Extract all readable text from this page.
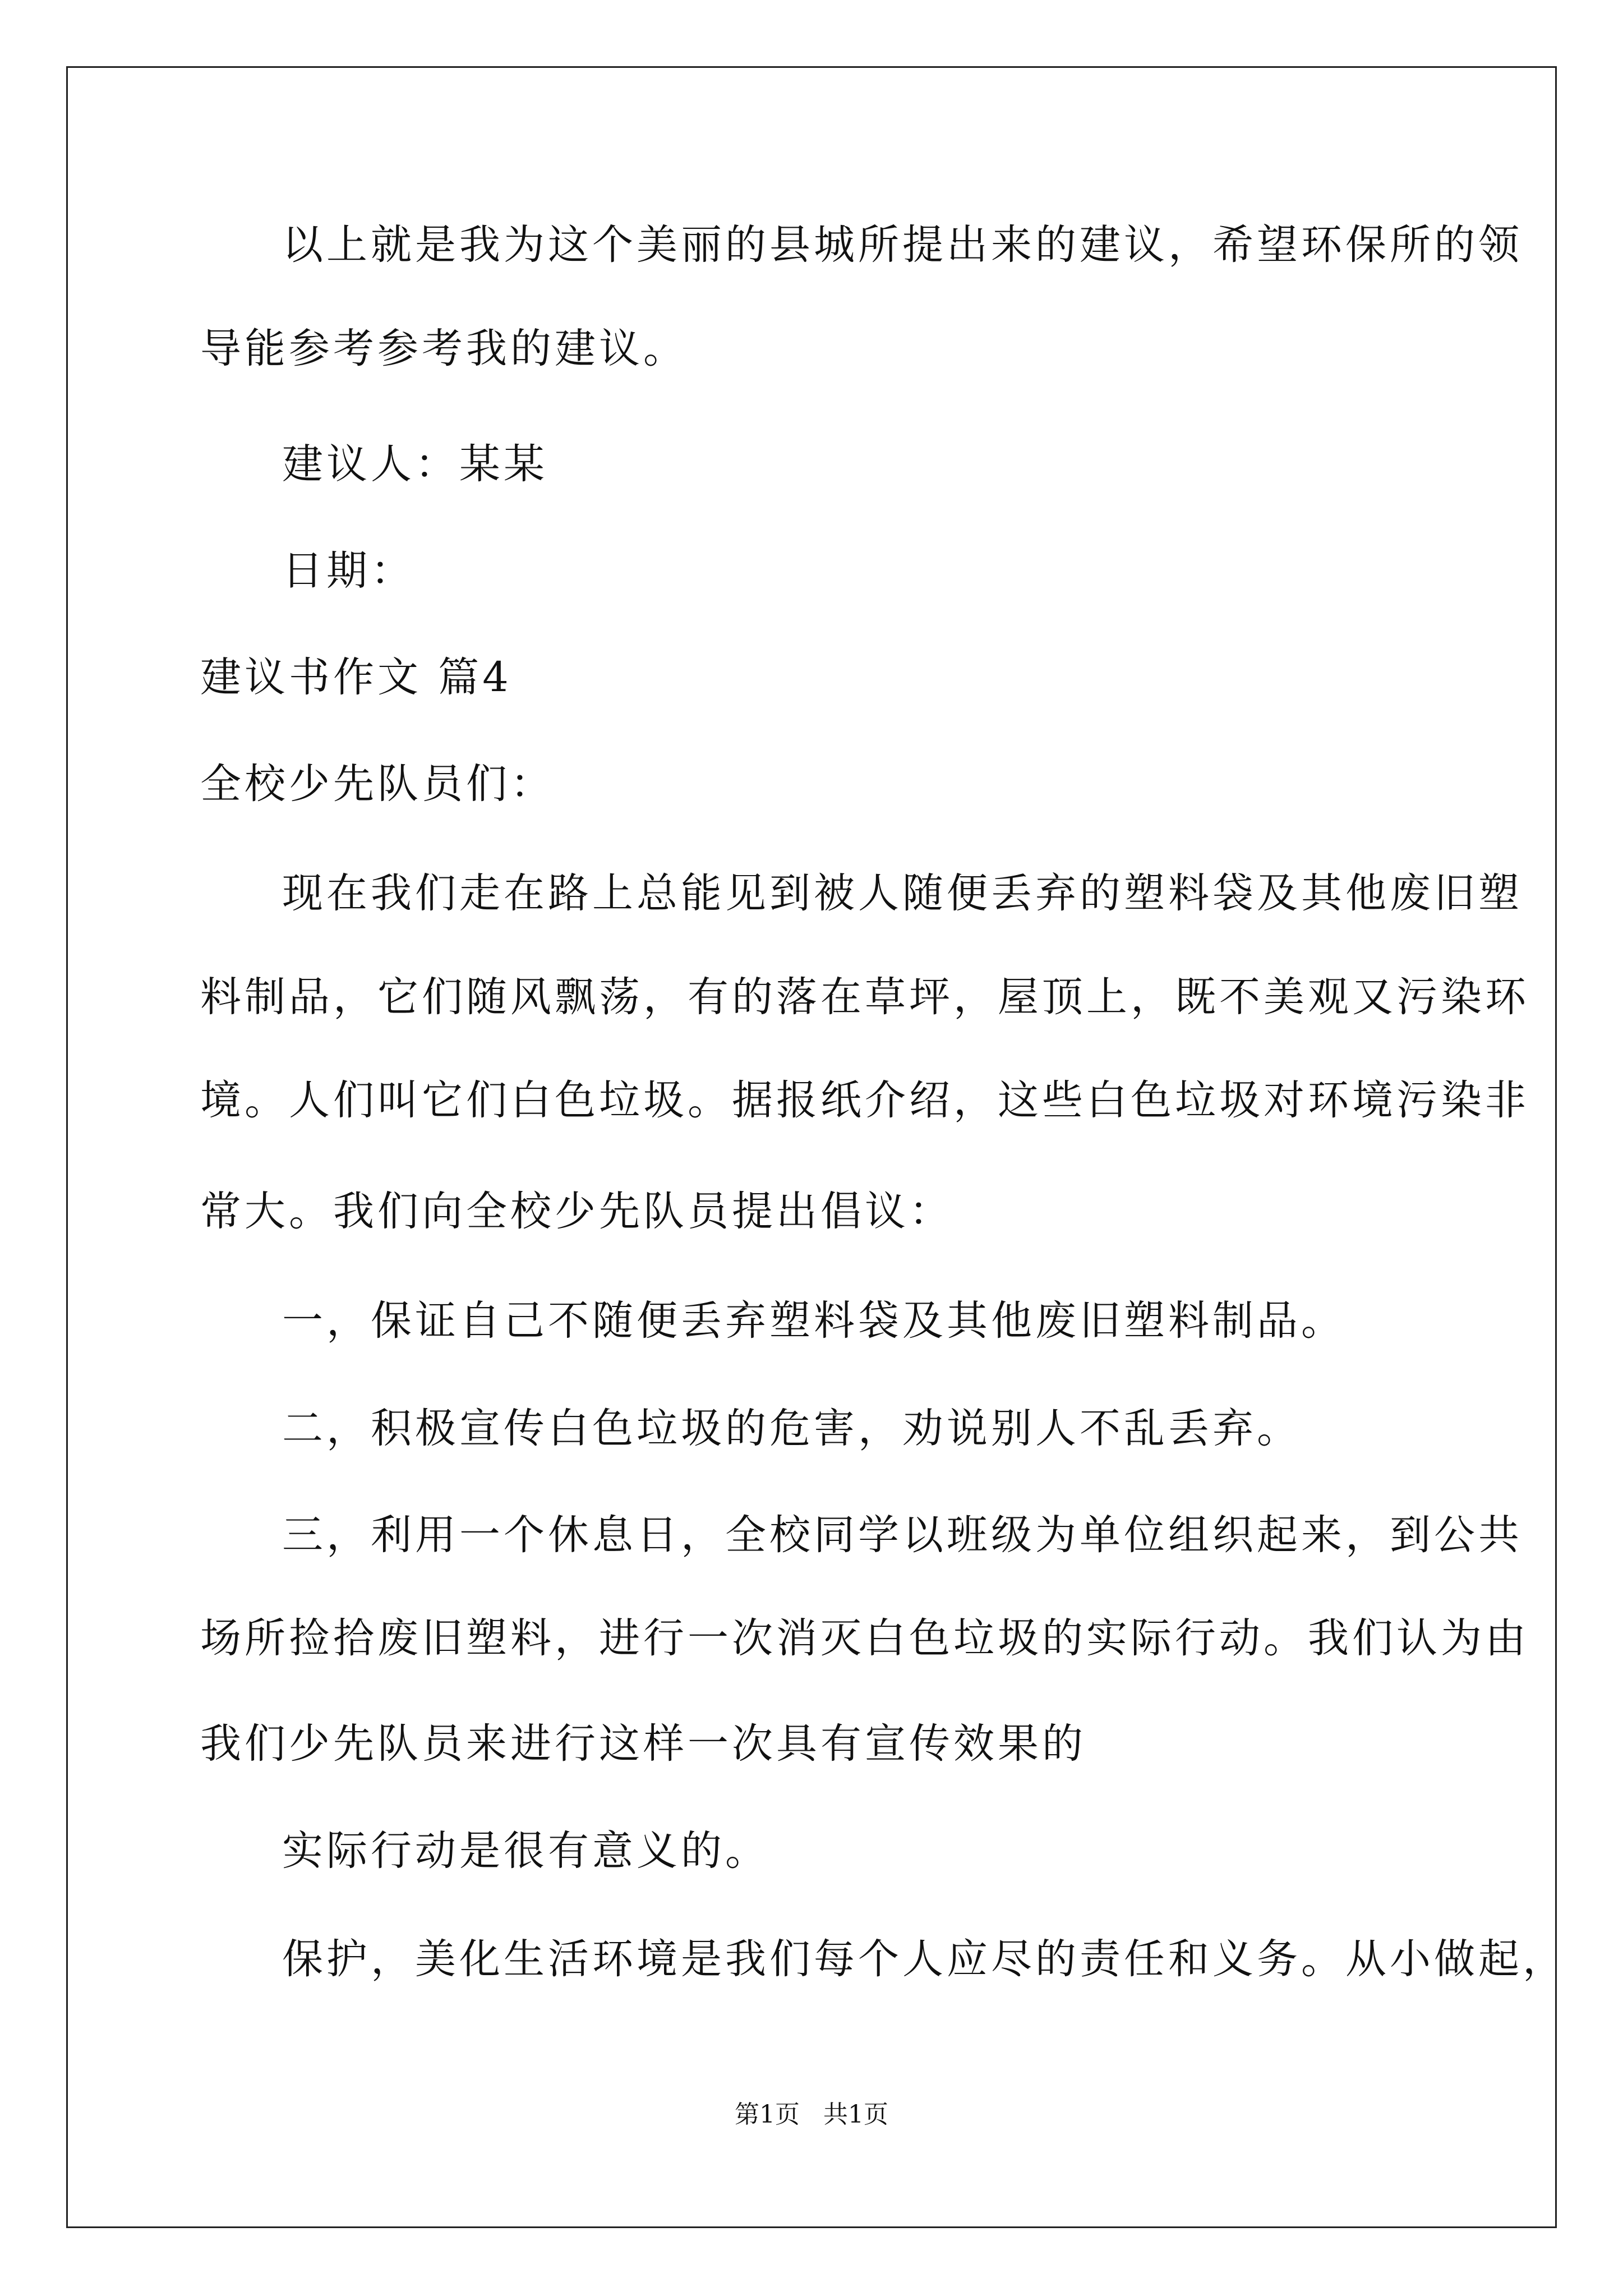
以上就是我为这个美丽的县城所提出来的建议，希望环保所的领
导能参考参考我的建议。
建议人：某某
日期：
建议书作文 篇4
全校少先队员们：
现在我们走在路上总能见到被人随便丢弃的塑料袋及其他废旧塑
料制品，它们随风飘荡，有的落在草坪，屋顶上，既不美观又污染环
境。人们叫它们白色垃圾。据报纸介绍，这些白色垃圾对环境污染非
常大。我们向全校少先队员提出倡议：
一，保证自己不随便丢弃塑料袋及其他废旧塑料制品。
二，积极宣传白色垃圾的危害，劝说别人不乱丢弃。
三，利用一个休息日，全校同学以班级为单位组织起来，到公共
场所捡拾废旧塑料，进行一次消灭白色垃圾的实际行动。我们认为由
我们少先队员来进行这样一次具有宣传效果的
实际行动是很有意义的。
保护，美化生活环境是我们每个人应尽的责任和义务。从小做起，
第1页   共1页
